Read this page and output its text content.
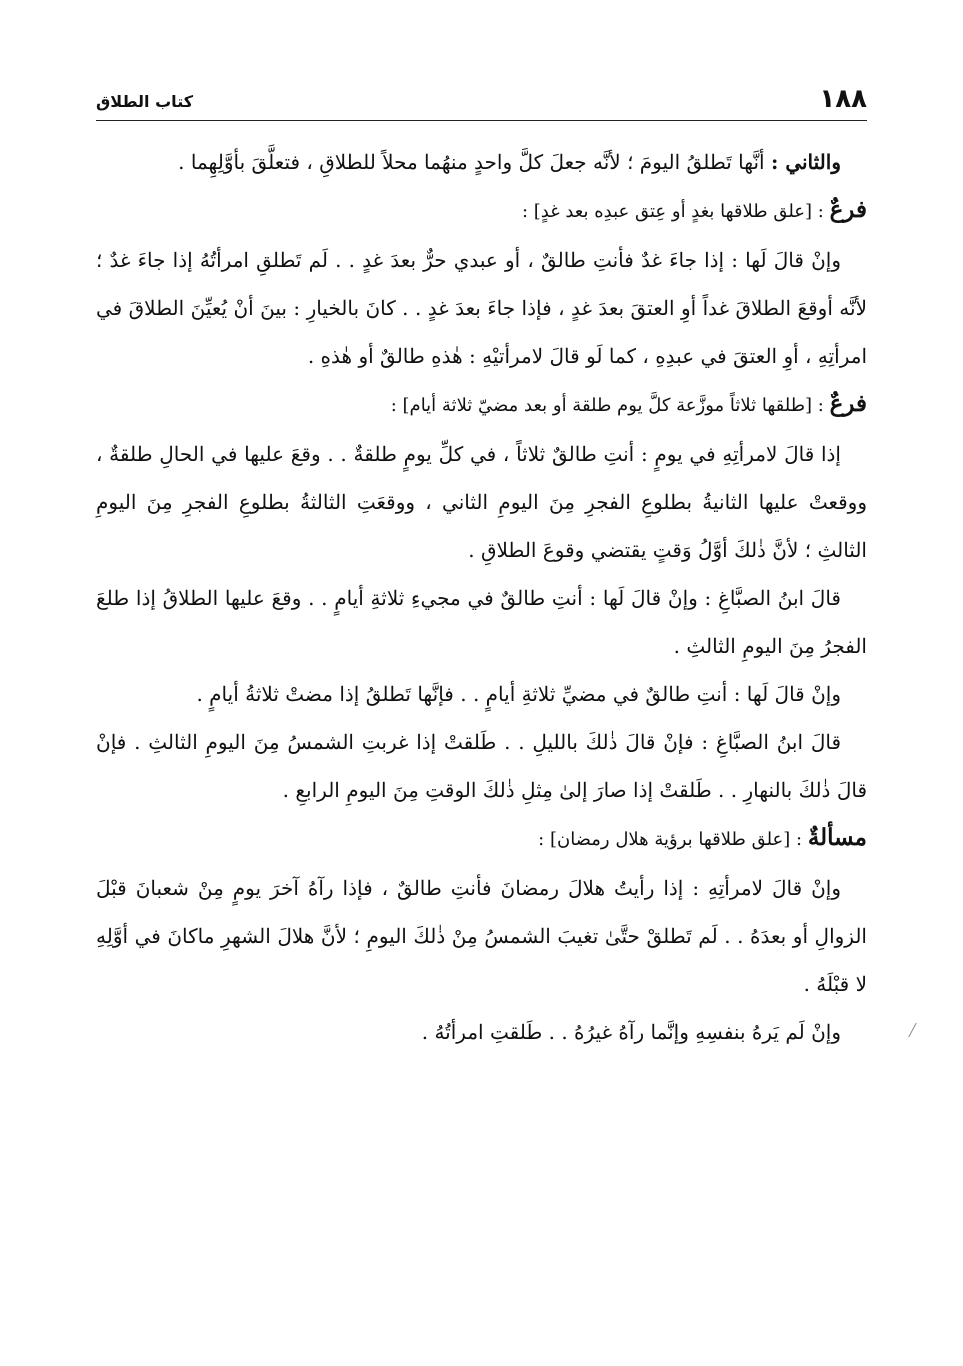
١٨٨
كتاب الطلاق

والثاني : أنَّها تَطلقُ اليومَ ؛ لأنَّه جعلَ كلَّ واحدٍ منهُما محلاً للطلاقِ ، فتعلَّقَ بأوَّلِهِما .

فرعٌ : [علق طلاقها بغدٍ أو عِتق عبدِه بعد غدٍ] :

وإنْ قالَ لَها : إذا جاءَ غدٌ فأنتِ طالقٌ ، أو عبدي حرٌّ بعدَ غدٍ . . لَم تَطلقِ امرأتُهُ إذا جاءَ غدٌ ؛ لأنَّه أوقعَ الطلاقَ غداً أوِ العتقَ بعدَ غدٍ ، فإذا جاءَ بعدَ غدٍ . . كانَ بالخيارِ : بينَ أنْ يُعيِّنَ الطلاقَ في امرأتِهِ ، أوِ العتقَ في عبدِهِ ، كما لَو قالَ لامرأتيْهِ : هٰذهِ طالقٌ أو هٰذهِ .

فرعٌ : [طلقها ثلاثاً موزَّعة كلَّ يوم طلقة أو بعد مضيّ ثلاثة أيام] :

إذا قالَ لامرأتِهِ في يومٍ : أنتِ طالقٌ ثلاثاً ، في كلِّ يومٍ طلقةٌ . . وقعَ عليها في الحالِ طلقةٌ ، ووقعتْ عليها الثانيةُ بطلوعِ الفجرِ مِنَ اليومِ الثاني ، ووقعَتِ الثالثةُ بطلوعِ الفجرِ مِنَ اليومِ الثالثِ ؛ لأنَّ ذٰلكَ أوَّلُ وَقتٍ يقتضي وقوعَ الطلاقِ .

قالَ ابنُ الصبَّاغِ : وإنْ قالَ لَها : أنتِ طالقٌ في مجيءِ ثلاثةِ أيامٍ . . وقعَ عليها الطلاقُ إذا طلعَ الفجرُ مِنَ اليومِ الثالثِ .

وإنْ قالَ لَها : أنتِ طالقٌ في مضيِّ ثلاثةِ أيامٍ . . فإنَّها تَطلقُ إذا مضتْ ثلاثةُ أيامٍ .

قالَ ابنُ الصبَّاغِ : فإنْ قالَ ذٰلكَ بالليلِ . . طَلقتْ إذا غربتِ الشمسُ مِنَ اليومِ الثالثِ . فإنْ قالَ ذٰلكَ بالنهارِ . . طَلقتْ إذا صارَ إلىٰ مِثلِ ذٰلكَ الوقتِ مِنَ اليومِ الرابعِ .

مسألةٌ : [علق طلاقها برؤية هلال رمضان] :

وإنْ قالَ لامرأتِهِ : إذا رأيتُ هلالَ رمضانَ فأنتِ طالقٌ ، فإذا رآهُ آخرَ يومٍ مِنْ شعبانَ قبْلَ الزوالِ أو بعدَهُ . . لَم تَطلقْ حتَّىٰ تغيبَ الشمسُ مِنْ ذٰلكَ اليومِ ؛ لأنَّ هلالَ الشهرِ ماكانَ في أوَّلِهِ لا قبْلَهُ .

وإنْ لَم يَرهُ بنفسِهِ وإنَّما رآهُ غيرُهُ . . طَلقتِ امرأتُهُ .
